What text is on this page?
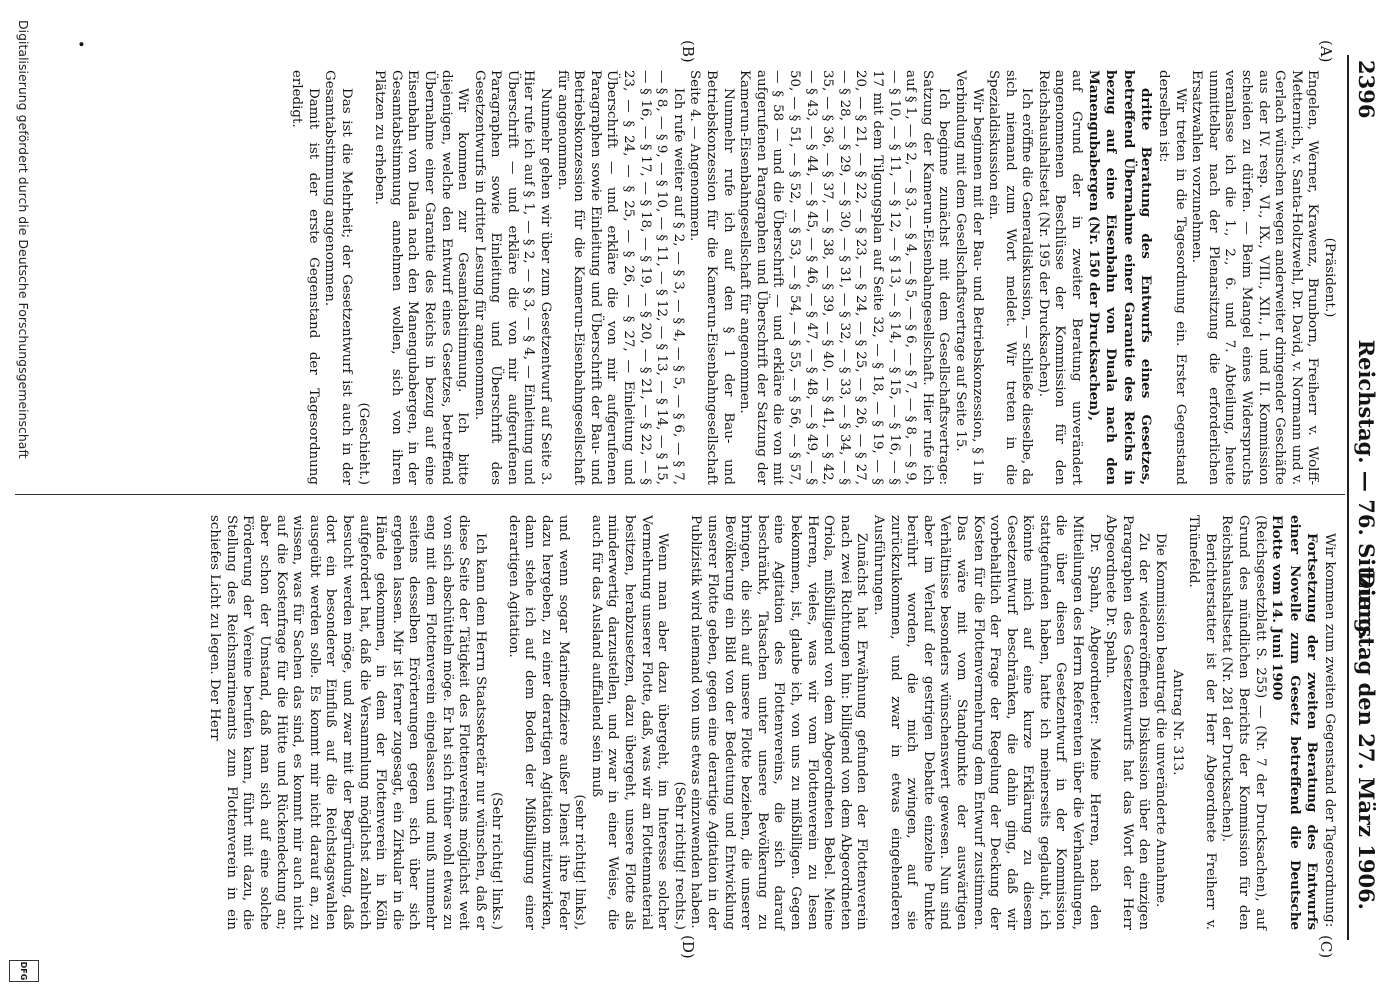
2396
Reichstag. — 76. Sitzung.
Dienstag den 27. März 1906.
(A)
(B)
(C)
(D)
•

(Präsident.)

Engelen, Werner, Krawenz, Brunborn, Freiherr v. Wolff-Metternich, v. Santa-Holtzwehl, Dr. David, v. Normann und v. Gerlach wünschen wegen anderweiter dringender Geschäfte aus der IV. resp. VI., IX., VIII., XII., I. und II. Kommission scheiden zu dürfen. — Beim Mangel eines Widerspruchs veranlasse ich die 1., 2., 6. und 7. Abteilung, heute unmittelbar nach der Plenarsitzung die erforderlichen Ersatzwahlen vorzunehmen.

Wir treten in die Tagesordnung ein. Erster Gegenstand derselben ist:

dritte Beratung des Entwurfs eines Gesetzes, betreffend Übernahme einer Garantie des Reichs in bezug auf eine Eisenbahn von Duala nach den Manengubabergen (Nr. 150 der Drucksachen),

auf Grund der in zweiter Beratung unverändert angenommenen Beschlüsse der Kommission für den Reichshaushaltsetat (Nr. 195 der Drucksachen).

Ich eröffne die Generaldiskussion, — schließe dieselbe, da sich niemand zum Wort meldet. Wir treten in die Spezialdiskussion ein.

Wir beginnen mit der Bau- und Betriebskonzession, § 1 in Verbindung mit dem Gesellschaftsvertrage auf Seite 15.

Ich beginne zunächst mit dem Gesellschaftsvertrage: Satzung der Kamerun-Eisenbahngesellschaft. Hier rufe ich auf § 1, — § 2, — § 3, — § 4, — § 5, — § 6, — § 7, — § 8, — § 9, — § 10, — § 11, — § 12, — § 13, — § 14, — § 15, — § 16, — § 17 mit dem Tilgungsplan auf Seite 32, — § 18, — § 19, — § 20, — § 21, — § 22, — § 23, — § 24, — § 25, — § 26, — § 27, — § 28, — § 29, — § 30, — § 31, — § 32, — § 33, — § 34, — § 35, — § 36, — § 37, — § 38, — § 39, — § 40, — § 41, — § 42, — § 43, — § 44, — § 45, — § 46, — § 47, — § 48, — § 49, — § 50, — § 51, — § 52, — § 53, — § 54, — § 55, — § 56, — § 57, — § 58 — und die Überschrift — und erkläre die von mit aufgerufenen Paragraphen und Überschrift der Satzung der Kamerun-Eisenbahngesellschaft für angenommen.

Nunmehr rufe ich auf den § 1 der Bau- und Betriebskonzession für die Kamerun-Eisenbahngesellschaft Seite 4. — Angenommen.

Ich rufe weiter auf § 2, — § 3, — § 4, — § 5, — § 6, — § 7, — § 8, — § 9, — § 10, — § 11, — § 12, — § 13, — § 14, — § 15, — § 16, — § 17, — § 18, — § 19, — § 20, — § 21, — § 22, — § 23, — § 24, — § 25, — § 26, — § 27, — Einleitung und Überschrift — und erkläre die von mir aufgerufenen Paragraphen sowie Einleitung und Überschrift der Bau- und Betriebskonzession für die Kamerun-Eisenbahngesellschaft für angenommen.

Nunmehr gehen wir über zum Gesetzentwurf auf Seite 3. Hier rufe ich auf § 1, — § 2, — § 3, — § 4, — Einleitung und Überschrift — und erkläre die von mir aufgerufenen Paragraphen sowie Einleitung und Überschrift des Gesetzentwurfs in dritter Lesung für angenommen.

Wir kommen zur Gesamtabstimmung. Ich bitte diejenigen, welche den Entwurf eines Gesetzes, betreffend Übernahme einer Garantie des Reichs in bezug auf eine Eisenbahn von Duala nach den Manengubabergen, in der Gesamtabstimmung annehmen wollen, sich von ihren Plätzen zu erheben.

(Geschieht.)

Das ist die Mehrheit; der Gesetzentwurf ist auch in der Gesamtabstimmung angenommen.

Damit ist der erste Gegenstand der Tagesordnung erledigt.

Wir kommen zum zweiten Gegenstand der Tagesordnung:

Fortsetzung der zweiten Beratung des Entwurfs einer Novelle zum Gesetz betreffend die Deutsche Flotte vom 14. Juni 1900

(Reichsgesetzblatt S. 255) — (Nr. 7 der Drucksachen), auf Grund des mündlichen Berichts der Kommission für den Reichshaushaltsetat (Nr. 281 der Drucksachen).

Berichterstatter ist der Herr Abgeordnete Freiherr v. Thünefeld.

Antrag Nr. 313.

Die Kommission beantragt die unveränderte Annahme.

Zu der wiedereröffneten Diskussion über den einzigen Paragraphen des Gesetzentwurfs hat das Wort der Herr Abgeordnete Dr. Spahn.

Dr. Spahn, Abgeordneter: Meine Herren, nach den Mitteilungen des Herrn Referenten über die Verhandlungen, die über diesen Gesetzentwurf in der Kommission stattgefunden haben, hatte ich meinerseits geglaubt, ich könnte mich auf eine kurze Erklärung zu diesem Gesetzentwurf beschränken, die dahin ging, daß wir vorbehaltlich der Frage der Regelung der Deckung der Kosten für die Flottenvermehrung dem Entwurf zustimmen. Das wäre mit vom Standpunkte der auswärtigen Verhältnisse besonders wünschenswert gewesen. Nun sind aber im Verlauf der gestrigen Debatte einzelne Punkte berührt worden, die mich zwingen, auf sie zurückzukommen, und zwar in etwas eingehenderen Ausführungen.

Zunächst hat Erwähnung gefunden der Flottenverein nach zwei Richtungen hin: billigend von dem Abgeordneten Oriola, mißbilligend von dem Abgeordneten Bebel. Meine Herren, vieles, was wir vom Flottenverein zu lesen bekommen, ist, glaube ich, von uns zu mißbilligen. Gegen eine Agitation des Flottenvereins, die sich darauf beschränkt, Tatsachen unter unsere Bevölkerung zu bringen, die sich auf unsere Flotte beziehen, die unserer Bevölkerung ein Bild von der Bedeutung und Entwicklung unserer Flotte geben, gegen eine derartige Agitation in der Publizistik wird niemand von uns etwas einzuwenden haben.

(Sehr richtig! rechts.)

Wenn man aber dazu übergeht, im Interesse solcher Vermehrung unserer Flotte, daß, was wir an Flottenmaterial besitzen, herabzusetzen, dazu übergeht, unsere Flotte als minderwertig darzustellen, und zwar in einer Weise, die auch für das Ausland auffallend sein muß

(sehr richtig! links),

und wenn sogar Marineoffiziere außer Dienst ihre Feder dazu hergeben, zu einer derartigen Agitation mitzuwirken, dann stehe ich auf dem Boden der Mißbilligung einer derartigen Agitation.

(Sehr richtig! links.)

Ich kann dem Herrn Staatssekretär nur wünschen, daß er diese Seite der Tätigkeit des Flottenvereins möglichst weit von sich abschütteln möge. Er hat sich früher wohl etwas zu eng mit dem Flottenverein eingelassen und muß nunmehr seitens desselben Erörterungen gegen sich über sich ergehen lassen. Mir ist ferner zugesagt, ein Zirkular in die Hände gekommen, in dem der Flottenverein in Köln aufgefordert hat, daß die Versammlung möglichst zahlreich besucht werden möge, und zwar mit der Begründung, daß dort ein besonderer Einfluß auf die Reichstagswahlen ausgeübt werden solle. Es kommt mir nicht darauf an, zu wissen, was für Sachen das sind, es kommt mir auch nicht auf die Kostenfrage für die Hütte und Rückendeckung an; aber schon der Umstand, daß man sich auf eine solche Förderung der Vereine berufen kann, führt mit dazu, die Stellung des Reichsmarineamts zum Flottenverein in ein schiefes Licht zu legen. Der Herr

Digitalisierung gefördert durch die Deutsche Forschungsgemeinschaft
DFG
